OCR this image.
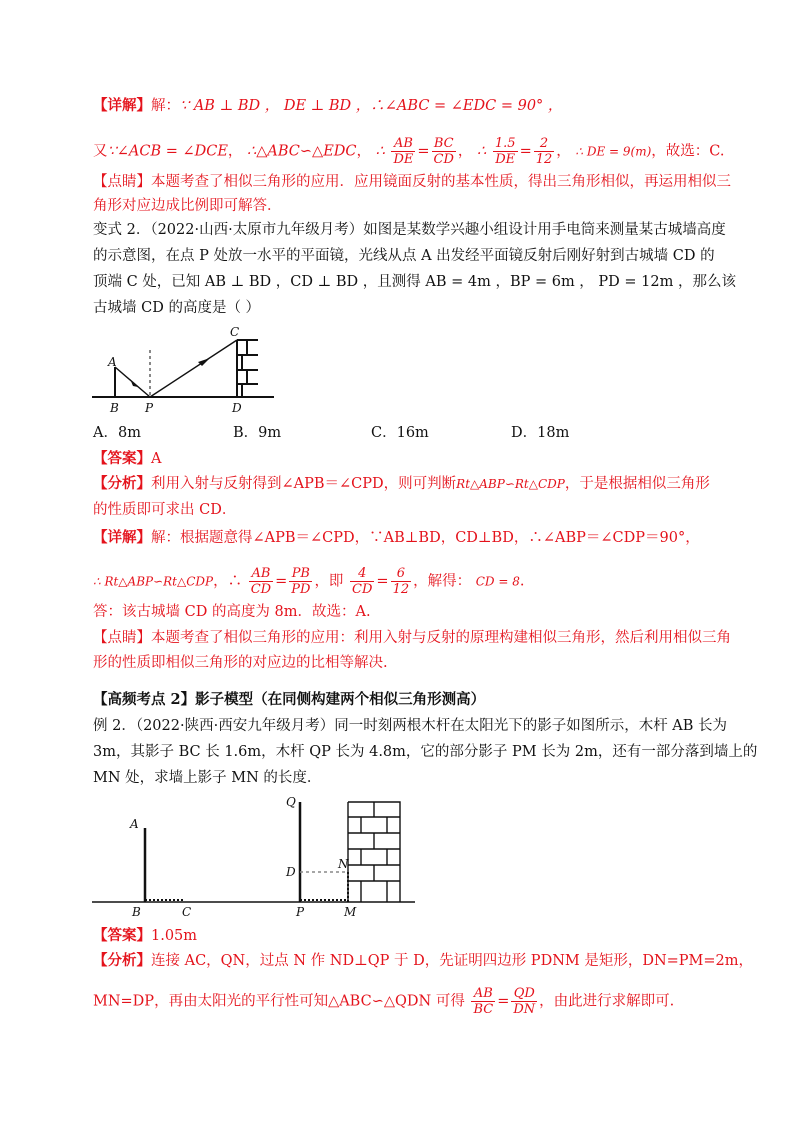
【详解】解：∵ AB ⊥ BD ， DE ⊥ BD ，∴∠ABC = ∠EDC = 90° ，
又∵∠ACB = ∠DCE， ∴△ABC∽△EDC， ∴ $\frac{AB}{DE} = \frac{BC}{CD}$ ， ∴ $\frac{1.5}{DE} = \frac{2}{12}$ ， ∴ DE = 9(m)，故选：C.
【点睛】本题考查了相似三角形的应用．应用镜面反射的基本性质，得出三角形相似，再运用相似三
角形对应边成比例即可解答．
变式 2．（2022·山西·太原市九年级月考）如图是某数学兴趣小组设计用手电筒来测量某古城墙高度
的示意图，在点 P 处放一水平的平面镜，光线从点 A 出发经平面镜反射后刚好射到古城墙 CD 的
顶端 C 处，已知 AB ⊥ BD ，CD ⊥ BD ，且测得 AB = 4m ，BP = 6m ， PD = 12m ，那么该
古城墙 CD 的高度是（ ）
A
B P
C
D
A．8m	B．9m	C．16m	D．18m
【答案】A
【分析】利用入射与反射得到∠APB＝∠CPD，则可判断Rt△ABP∽Rt△CDP，于是根据相似三角形
的性质即可求出 CD．
【详解】解：根据题意得∠APB＝∠CPD，∵AB⊥BD，CD⊥BD，∴∠ABP＝∠CDP＝90°，
∴ Rt△ABP∽Rt△CDP，∴ $\frac{AB}{CD} = \frac{PB}{PD}$ ，即 $\frac{4}{CD} = \frac{6}{12}$ ，解得： CD = 8.
答：该古城墙 CD 的高度为 8m．故选：A.
【点睛】本题考查了相似三角形的应用：利用入射与反射的原理构建相似三角形，然后利用相似三角
形的性质即相似三角形的对应边的比相等解决.
【高频考点 2】影子模型（在同侧构建两个相似三角形测高）
例 2．（2022·陕西·西安九年级月考）同一时刻两根木杆在太阳光下的影子如图所示，木杆 AB 长为
3m，其影子 BC 长 1.6m，木杆 QP 长为 4.8m，它的部分影子 PM 长为 2m，还有一部分落到墙上的
MN 处，求墙上影子 MN 的长度．
A
B	C
Q
D
N
P	M
【答案】1.05m
【分析】连接 AC，QN，过点 N 作 ND⊥QP 于 D，先证明四边形 PDNM 是矩形，DN=PM=2m，
MN=DP，再由太阳光的平行性可知△ABC∽△QDN 可得 $\frac{AB}{BC} = \frac{QD}{DN}$ ，由此进行求解即可.
